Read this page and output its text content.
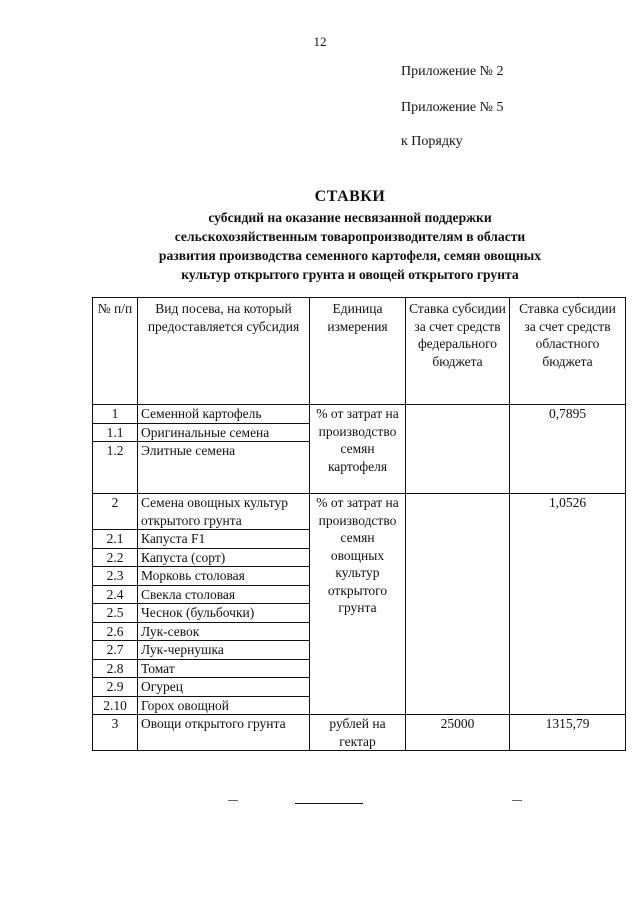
12
Приложение № 2
Приложение № 5
к Порядку
СТАВКИ
субсидий на оказание несвязанной поддержки
сельскохозяйственным товаропроизводителям в области
развития производства семенного картофеля, семян овощных
культур открытого грунта и овощей открытого грунта
№ п/п	Вид посева, на который предоставляется субсидия	Единица измерения	Ставка субсидии за счет средств федерального бюджета	Ставка субсидии за счет средств областного бюджета
1	Семенной картофель	% от затрат на производство семян картофеля		0,7895
1.1	Оригинальные семена			
1.2	Элитные семена			
2	Семена овощных культур открытого грунта	% от затрат на производство семян овощных культур открытого грунта		1,0526
2.1	Капуста F1			
2.2	Капуста (сорт)			
2.3	Морковь столовая			
2.4	Свекла столовая			
2.5	Чеснок (бульбочки)			
2.6	Лук-севок			
2.7	Лук-чернушка			
2.8	Томат			
2.9	Огурец			
2.10	Горох овощной			
3	Овощи открытого грунта	рублей на гектар	25000	1315,79
